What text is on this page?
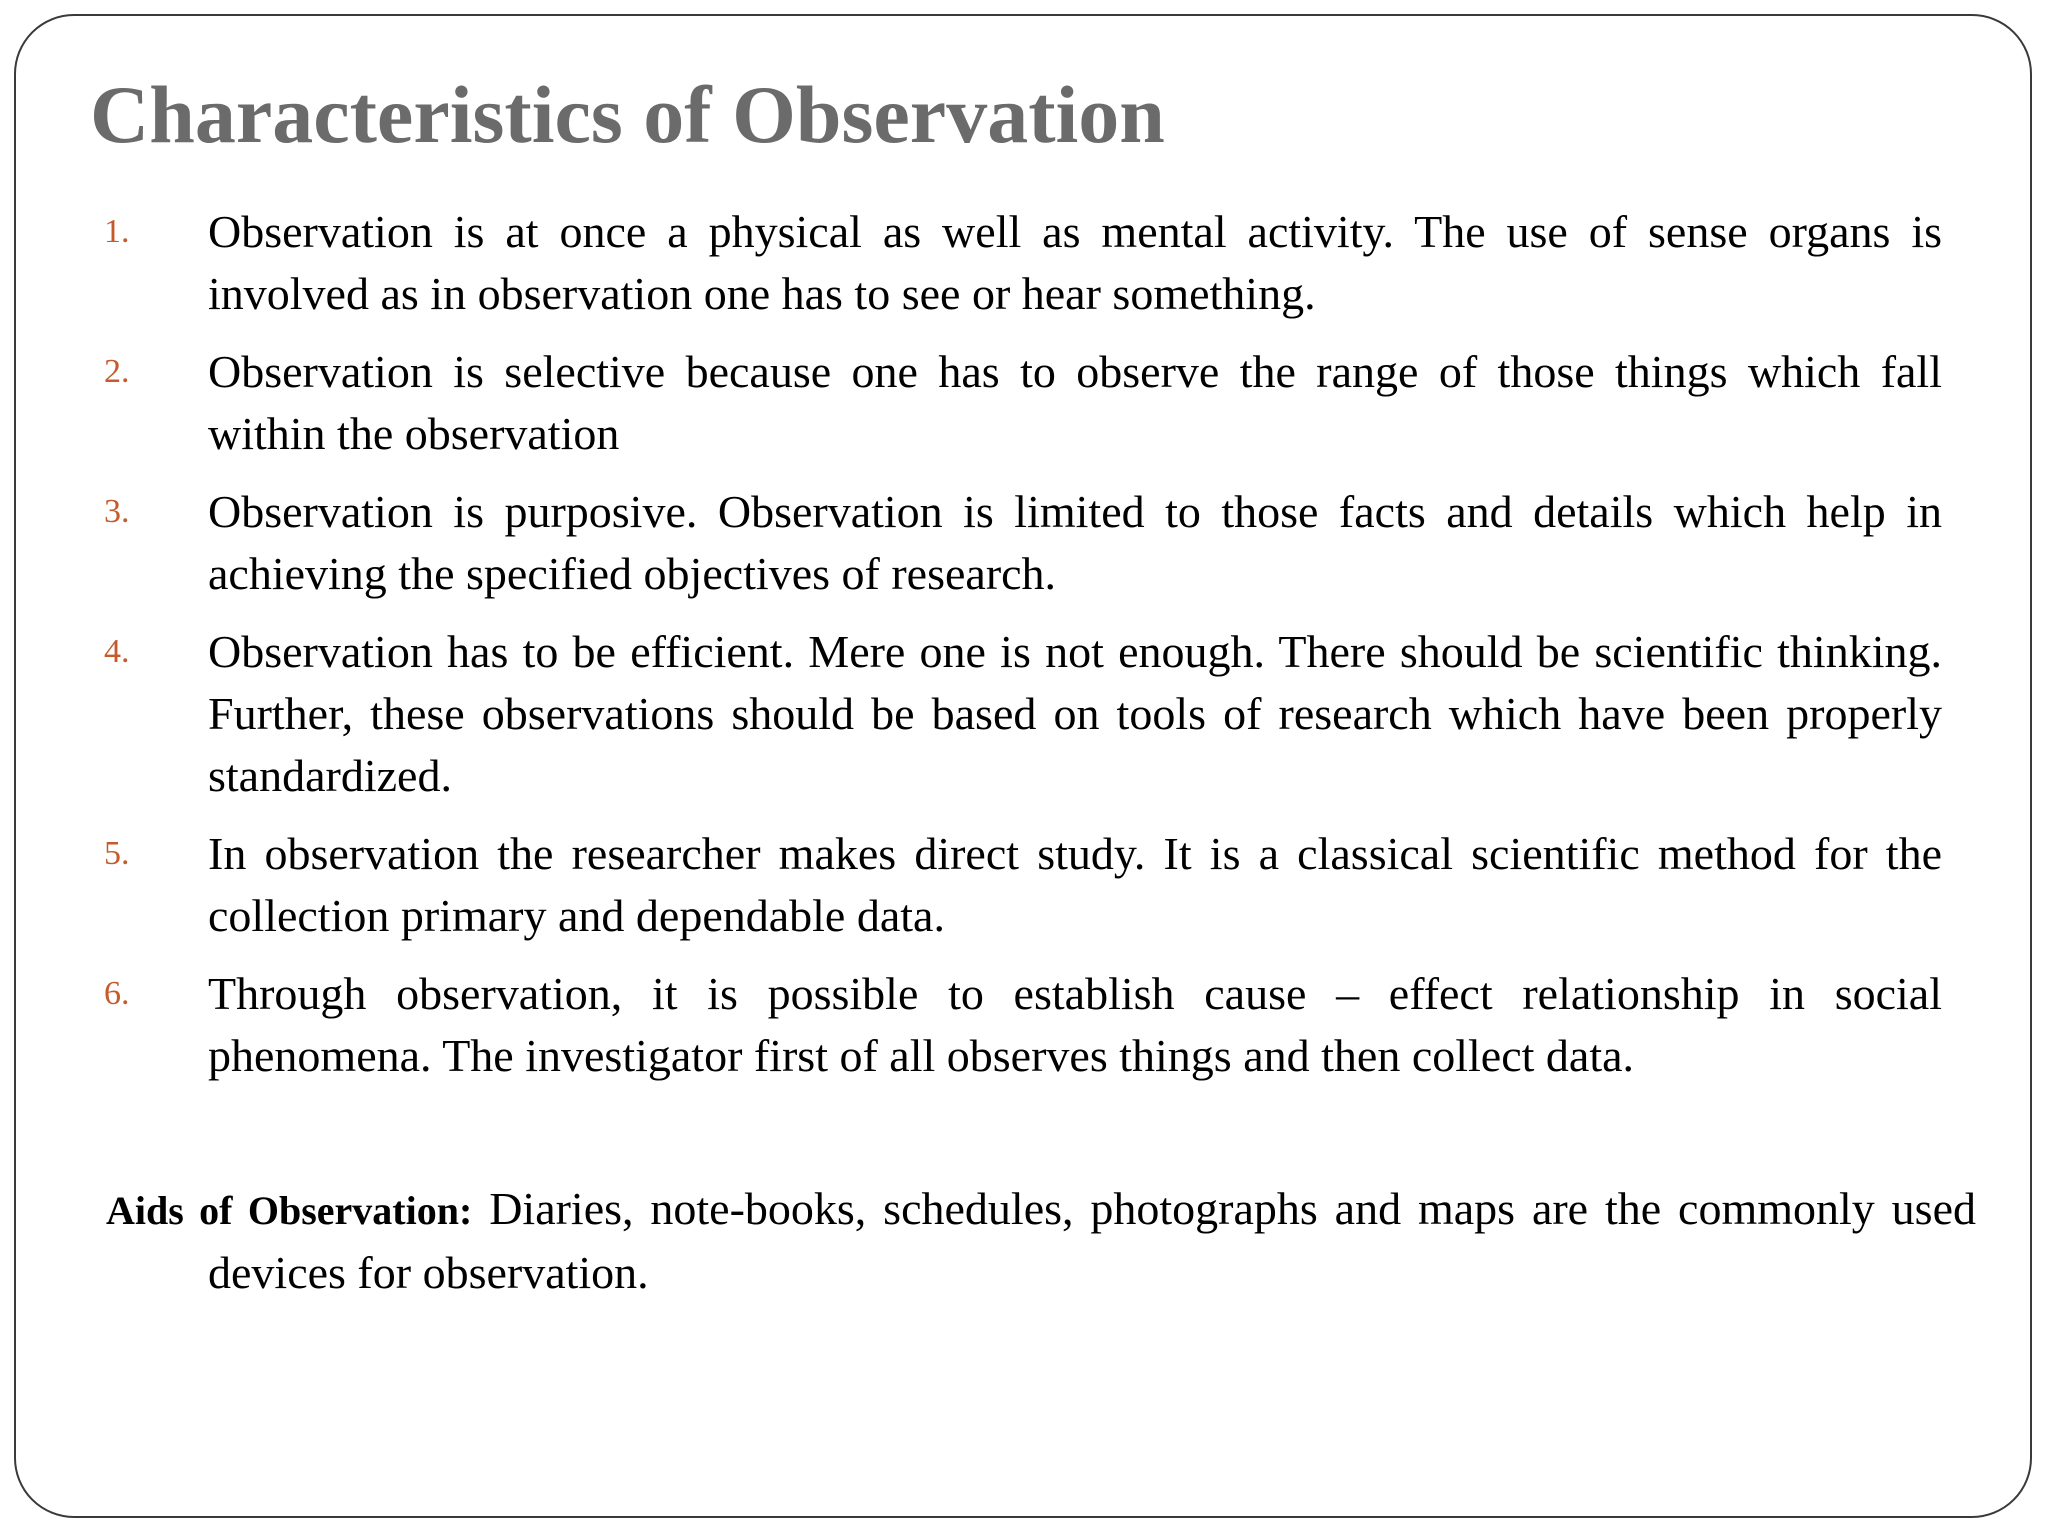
Characteristics of Observation
1. Observation is at once a physical as well as mental activity. The use of sense organs is involved as in observation one has to see or hear something.
2. Observation is selective because one has to observe the range of those things which fall within the observation
3. Observation is purposive. Observation is limited to those facts and details which help in achieving the specified objectives of research.
4. Observation has to be efficient. Mere one is not enough. There should be scientific thinking. Further, these observations should be based on tools of research which have been properly standardized.
5. In observation the researcher makes direct study. It is a classical scientific method for the collection primary and dependable data.
6. Through observation, it is possible to establish cause – effect relationship in social phenomena. The investigator first of all observes things and then collect data.

Aids of Observation: Diaries, note-books, schedules, photographs and maps are the commonly used devices for observation.
